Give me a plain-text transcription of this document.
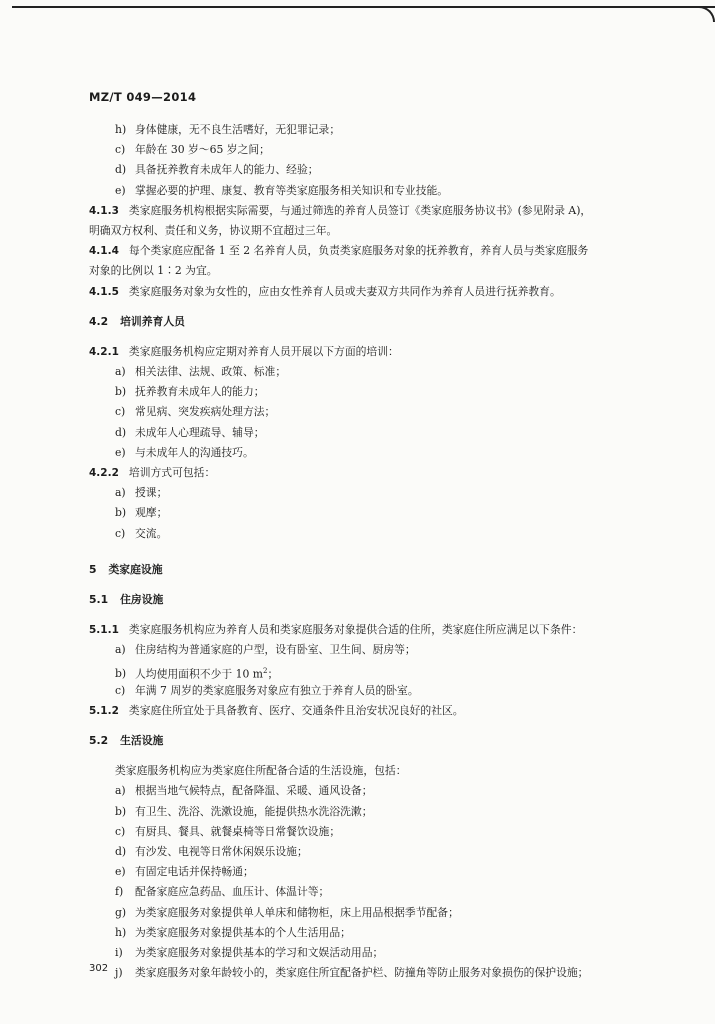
MZ/T 049—2014
h) 身体健康，无不良生活嗜好，无犯罪记录；
c) 年龄在 30 岁～65 岁之间；
d) 具备抚养教育未成年人的能力、经验；
e) 掌握必要的护理、康复、教育等类家庭服务相关知识和专业技能。
4.1.3 类家庭服务机构根据实际需要，与通过筛选的养育人员签订《类家庭服务协议书》(参见附录 A)，
明确双方权利、责任和义务，协议期不宜超过三年。
4.1.4 每个类家庭应配备 1 至 2 名养育人员，负责类家庭服务对象的抚养教育，养育人员与类家庭服务
对象的比例以 1∶2 为宜。
4.1.5 类家庭服务对象为女性的，应由女性养育人员或夫妻双方共同作为养育人员进行抚养教育。
4.2 培训养育人员
4.2.1 类家庭服务机构应定期对养育人员开展以下方面的培训：
a) 相关法律、法规、政策、标准；
b) 抚养教育未成年人的能力；
c) 常见病、突发疾病处理方法；
d) 未成年人心理疏导、辅导；
e) 与未成年人的沟通技巧。
4.2.2 培训方式可包括：
a) 授课；
b) 观摩；
c) 交流。
5 类家庭设施
5.1 住房设施
5.1.1 类家庭服务机构应为养育人员和类家庭服务对象提供合适的住所，类家庭住所应满足以下条件：
a) 住房结构为普通家庭的户型，设有卧室、卫生间、厨房等；
b) 人均使用面积不少于 10 $m^2$；
c) 年满 7 周岁的类家庭服务对象应有独立于养育人员的卧室。
5.1.2 类家庭住所宜处于具备教育、医疗、交通条件且治安状况良好的社区。
5.2 生活设施
类家庭服务机构应为类家庭住所配备合适的生活设施，包括：
a) 根据当地气候特点，配备降温、采暖、通风设备；
b) 有卫生、洗浴、洗漱设施，能提供热水洗浴洗漱；
c) 有厨具、餐具、就餐桌椅等日常餐饮设施；
d) 有沙发、电视等日常休闲娱乐设施；
e) 有固定电话并保持畅通；
f) 配备家庭应急药品、血压计、体温计等；
g) 为类家庭服务对象提供单人单床和储物柜，床上用品根据季节配备；
h) 为类家庭服务对象提供基本的个人生活用品；
i) 为类家庭服务对象提供基本的学习和文娱活动用品；
j) 类家庭服务对象年龄较小的，类家庭住所宜配备护栏、防撞角等防止服务对象损伤的保护设施；
302
